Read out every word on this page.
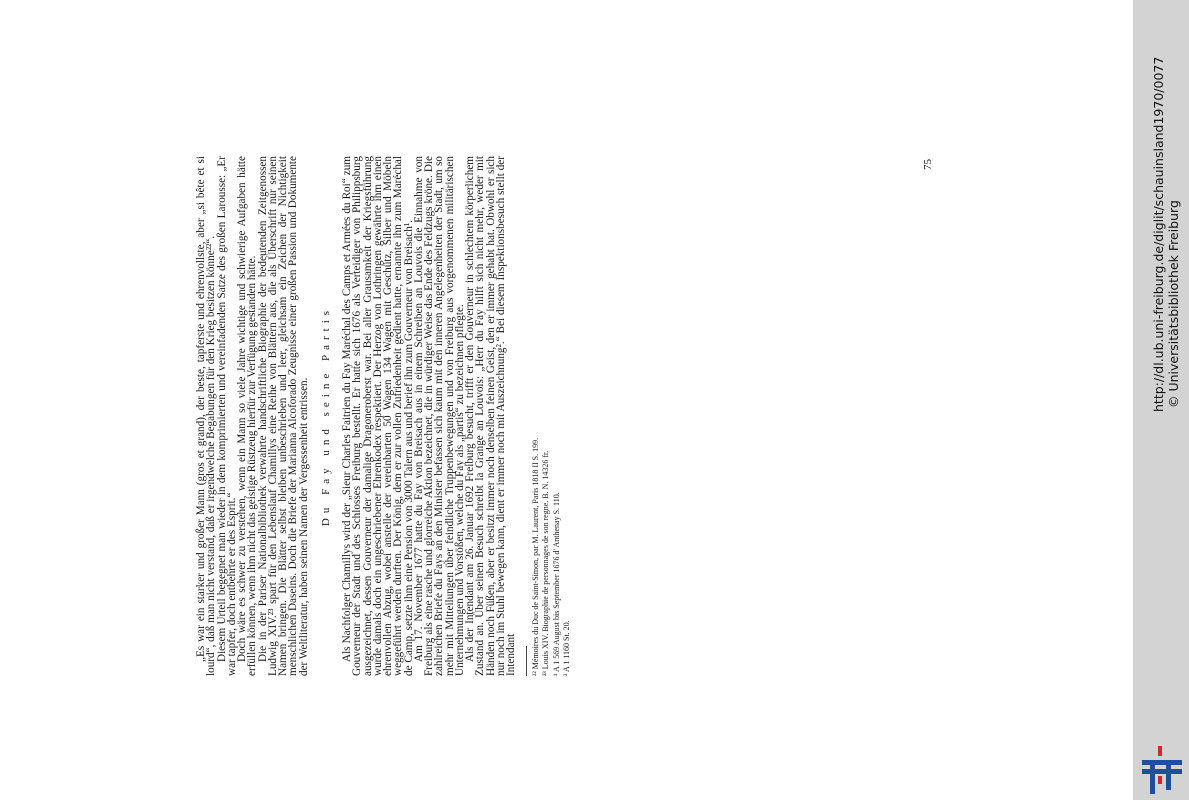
„Es war ein starker und großer Mann (gros et grand), der beste, tapferste und ehrenvollste, aber „si bête et si lourd“, daß man nicht verstand, daß er irgendwelche Begabungen für den Krieg besitzen könne²²“.

Diesem Urteil begegnet man wieder in dem komprimierten und vereinfadenden Satze des großen Larousse: „Er war tapfer, doch entbehrte er des Esprit.“

Doch wäre es schwer zu verstehen, wenn ein Mann so viele Jahre wichtige und schwierige Aufgaben hätte erfüllen können, wenn ihm nicht das geistige Rüstzeug hierfür zur Verfügung gestanden hätte.

Die in der Pariser Nationalbibliothek verwahrte handschriftliche Biographie der bedeutenden Zeitgenossen Ludwig XIV.²³ spart für den Lebenslauf Chamillys eine Reihe von Blättern aus, die als Überschrift nur seinen Namen bringen. Die Blätter selbst bleiben unbeschrieben und leer, gleichsam ein Zeichen der Nichtigkeit menschlichen Daseins. Doch die Briefe der Marianna Alcoforado Zeugnisse einer großen Passion und Dokumente der Weltliteratur, haben seinen Namen der Vergessenheit entrissen. Du Fay und seine Partis Als Nachfolger Chamillys wird der „Sieur Charles Faitrien du Fay Maréchal des Camps et Armées du Roi“ zum Gouverneur der Stadt und des Schlosses Freiburg bestellt. Er hatte sich 1676 als Verteidiger von Philippsburg ausgezeichnet, dessen Gouverneur der damalige Dragoneroberst war. Bei aller Grausamkeit der Kriegsführung wurde damals doch ein ungeschriebener Ehrenkodex respektiert. Der Herzog von Lothringen gewährte ihm einen ehrenvollen Abzug, wobei anstelle der vereinbarten 50 Wagen 134 Wagen mit Geschütz, Silber und Möbeln weggeführt werden durften. Der König, dem er zur vollen Zufriedenheit gedient hatte, ernannte ihn zum Maréchal de Camp, setzte ihm eine Pension von 3000 Talern aus und berief ihn zum Gouverneur von Breisach¹.

Am 17. November 1677 hatte du Fay von Breisach aus in einem Schreiben an Louvois die Einnahme von Freiburg als eine rasche und glorreiche Aktion bezeichnet, die in würdiger Weise das Ende des Feldzugs kröne. Die zahlreichen Briefe du Fays an den Minister befassen sich kaum mit den inneren Angelegenheiten der Stadt, um so mehr mit Mitteilungen über feindliche Truppenbewegungen und von Freiburg aus vorgenommenen militärischen Unternehmungen und Vorstößen, welche du Fay als „partis“ zu bezeichnen pflegte.

Als der Intendant am 26. Januar 1692 Freiburg besucht, trifft er den Gouverneur in schlechtem körperlichem Zustand an. Über seinen Besuch schreibt la Grange an Louvois: „Herr du Fay hilft sich nicht mehr, weder mit Händen noch Füßen, aber er besitzt immer noch denselben feinen Geist, den er immer gehabt hat. Obwohl er sich nur noch im Stuhl bewegen kann, dient er immer noch mit Auszeichnung².“ Bei diesem Inspektionsbesuch stellt der Intendant ²² Mémoires du Duc de Saint-Simon, par M. Laurent, Paris 1818 II S. 199. ²³ Louis XIV. Biographie de personnages de son regne. B. N. 14326 fr. ¹ A 1 569 August bis September 1676 d' Anthenay S. 110. ² A 1 1160 St. 20.

75	http://dl.ub.uni-freiburg.de/diglit/schauinsland1970/0077 © Universitätsbibliothek Freiburg
